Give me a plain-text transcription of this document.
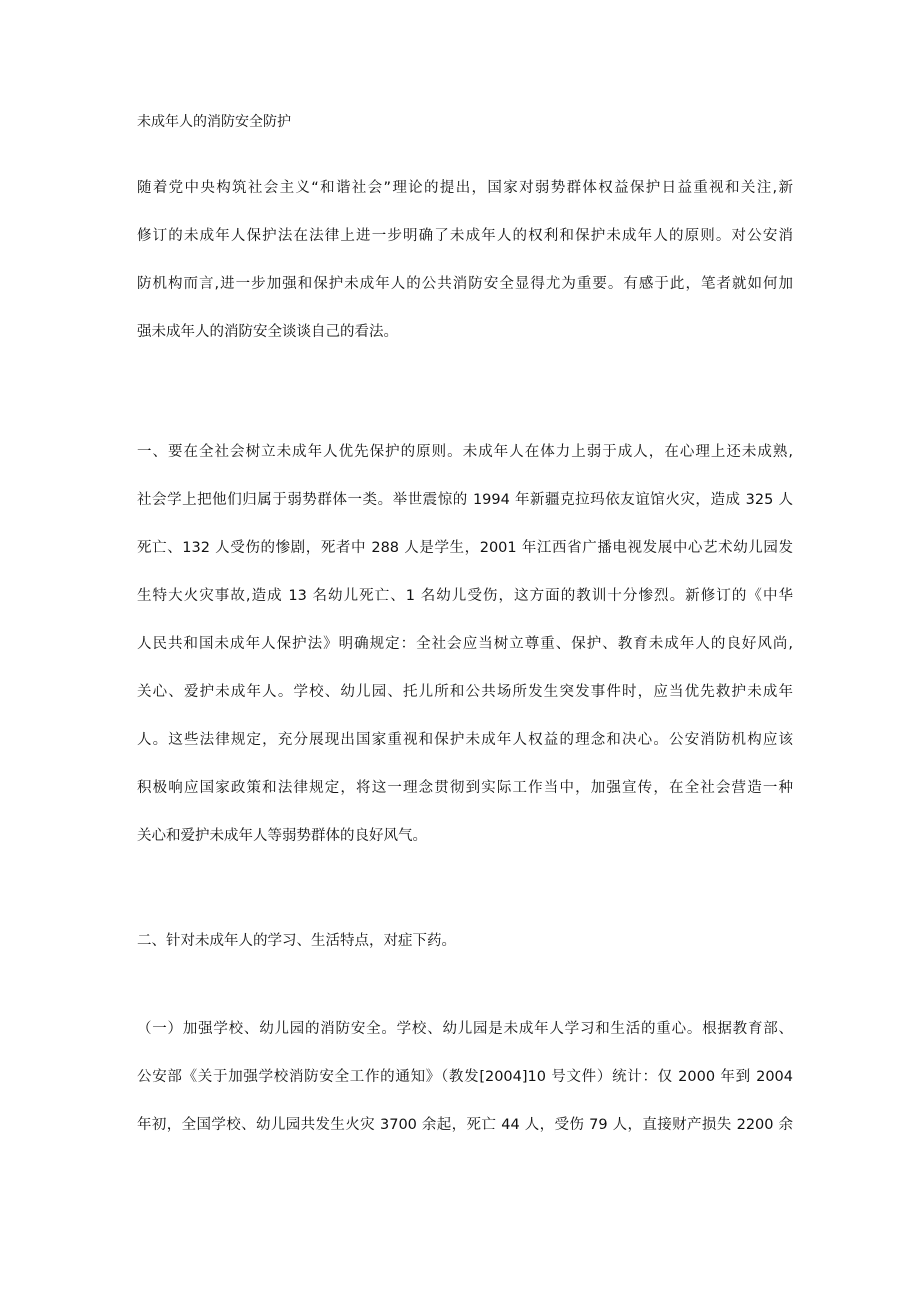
未成年人的消防安全防护
随着党中央构筑社会主义“和谐社会”理论的提出，国家对弱势群体权益保护日益重视和关注,新
修订的未成年人保护法在法律上进一步明确了未成年人的权利和保护未成年人的原则。对公安消
防机构而言,进一步加强和保护未成年人的公共消防安全显得尤为重要。有感于此，笔者就如何加
强未成年人的消防安全谈谈自己的看法。
一、要在全社会树立未成年人优先保护的原则。未成年人在体力上弱于成人，在心理上还未成熟,
社会学上把他们归属于弱势群体一类。举世震惊的 1994 年新疆克拉玛依友谊馆火灾，造成 325 人
死亡、132 人受伤的惨剧，死者中 288 人是学生，2001 年江西省广播电视发展中心艺术幼儿园发
生特大火灾事故,造成 13 名幼儿死亡、1 名幼儿受伤，这方面的教训十分惨烈。新修订的《中华
人民共和国未成年人保护法》明确规定：全社会应当树立尊重、保护、教育未成年人的良好风尚,
关心、爱护未成年人。学校、幼儿园、托儿所和公共场所发生突发事件时，应当优先救护未成年
人。这些法律规定，充分展现出国家重视和保护未成年人权益的理念和决心。公安消防机构应该
积极响应国家政策和法律规定，将这一理念贯彻到实际工作当中，加强宣传，在全社会营造一种
关心和爱护未成年人等弱势群体的良好风气。
二、针对未成年人的学习、生活特点，对症下药。
（一）加强学校、幼儿园的消防安全。学校、幼儿园是未成年人学习和生活的重心。根据教育部、
公安部《关于加强学校消防安全工作的通知》（教发[2004]10 号文件）统计：仅 2000 年到 2004
年初，全国学校、幼儿园共发生火灾 3700 余起，死亡 44 人，受伤 79 人，直接财产损失 2200 余
